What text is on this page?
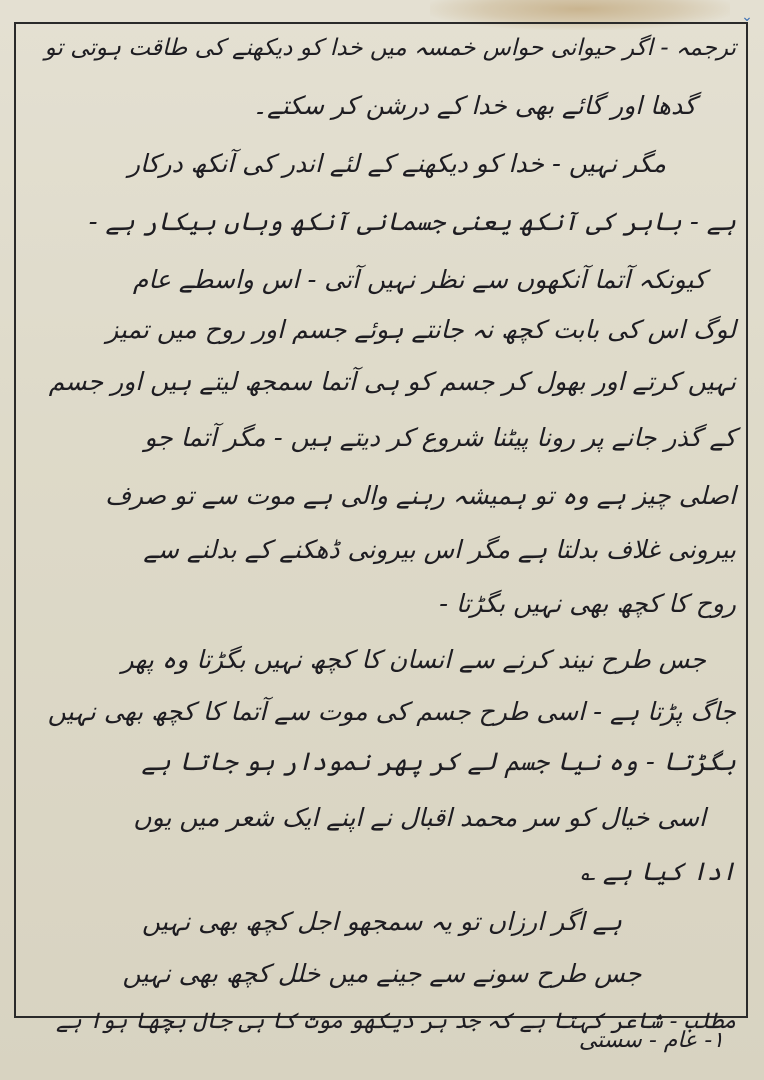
⌄
ترجمہ - اگر حیوانی حواس خمسہ میں خدا کو دیکھنے کی طاقت ہوتی تو
گدھا اور گائے بھی خدا کے درشن کر سکتے۔
مگر نہیں - خدا کو دیکھنے کے لئے اندر کی آنکھ درکار
ہے - باہر کی آنکھ یعنی جسمانی آنکھ وہاں بیکار ہے -
کیونکہ آتما آنکھوں سے نظر نہیں آتی - اس واسطے عام
لوگ اس کی بابت کچھ نہ جانتے ہوئے جسم اور روح میں تمیز
نہیں کرتے اور بھول کر جسم کو ہی آتما سمجھ لیتے ہیں اور جسم
کے گذر جانے پر رونا پیٹنا شروع کر دیتے ہیں - مگر آتما جو
اصلی چیز ہے وہ تو ہمیشہ رہنے والی ہے موت سے تو صرف
بیرونی غلاف بدلتا ہے مگر اس بیرونی ڈھکنے کے بدلنے سے
روح کا کچھ بھی نہیں بگڑتا -
جس طرح نیند کرنے سے انسان کا کچھ نہیں بگڑتا وہ پھر
جاگ پڑتا ہے - اسی طرح جسم کی موت سے آتما کا کچھ بھی نہیں
بگڑتا - وہ نیا جسم لے کر پھر نمودار ہو جاتا ہے
اسی خیال کو سر محمد اقبال نے اپنے ایک شعر میں یوں
ادا کیا ہے ؎
ہے اگر ارزاں تو یہ سمجھو اجل کچھ بھی نہیں
جس طرح سونے سے جینے میں خلل کچھ بھی نہیں
مطلب - شاعر کہتا ہے کہ جد ہر دیکھو موت کا ہی جال بچھا ہوا ہے
۱- عام - سستی
